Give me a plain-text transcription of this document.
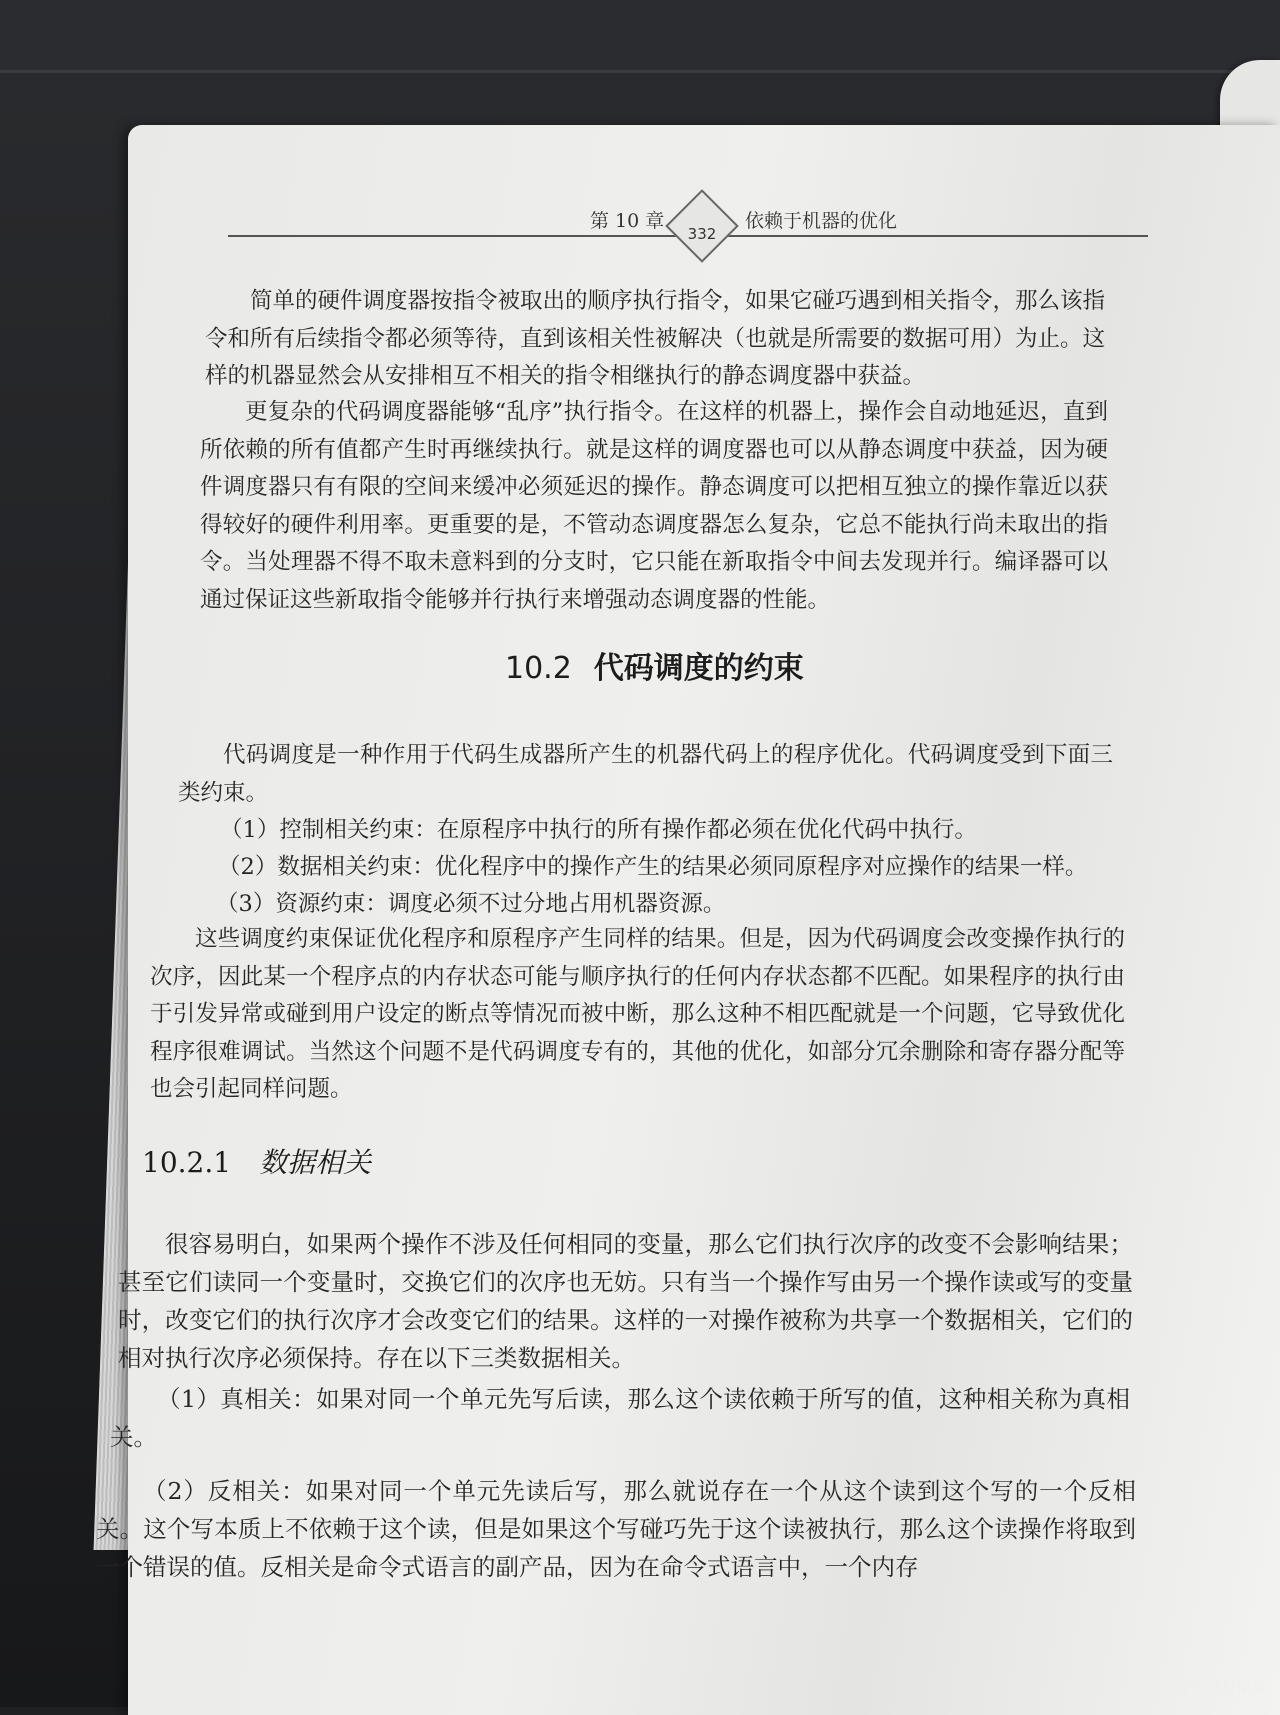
第 10 章
332
依赖于机器的优化
简单的硬件调度器按指令被取出的顺序执行指令，如果它碰巧遇到相关指令，那么该指令和所有后续指令都必须等待，直到该相关性被解决（也就是所需要的数据可用）为止。这样的机器显然会从安排相互不相关的指令相继执行的静态调度器中获益。
更复杂的代码调度器能够“乱序”执行指令。在这样的机器上，操作会自动地延迟，直到所依赖的所有值都产生时再继续执行。就是这样的调度器也可以从静态调度中获益，因为硬件调度器只有有限的空间来缓冲必须延迟的操作。静态调度可以把相互独立的操作靠近以获得较好的硬件利用率。更重要的是，不管动态调度器怎么复杂，它总不能执行尚未取出的指令。当处理器不得不取未意料到的分支时，它只能在新取指令中间去发现并行。编译器可以通过保证这些新取指令能够并行执行来增强动态调度器的性能。
10.2 代码调度的约束
代码调度是一种作用于代码生成器所产生的机器代码上的程序优化。代码调度受到下面三类约束。
（1）控制相关约束：在原程序中执行的所有操作都必须在优化代码中执行。
（2）数据相关约束：优化程序中的操作产生的结果必须同原程序对应操作的结果一样。
（3）资源约束：调度必须不过分地占用机器资源。
这些调度约束保证优化程序和原程序产生同样的结果。但是，因为代码调度会改变操作执行的次序，因此某一个程序点的内存状态可能与顺序执行的任何内存状态都不匹配。如果程序的执行由于引发异常或碰到用户设定的断点等情况而被中断，那么这种不相匹配就是一个问题，它导致优化程序很难调试。当然这个问题不是代码调度专有的，其他的优化，如部分冗余删除和寄存器分配等也会引起同样问题。
10.2.1 数据相关
很容易明白，如果两个操作不涉及任何相同的变量，那么它们执行次序的改变不会影响结果；甚至它们读同一个变量时，交换它们的次序也无妨。只有当一个操作写由另一个操作读或写的变量时，改变它们的执行次序才会改变它们的结果。这样的一对操作被称为共享一个数据相关，它们的相对执行次序必须保持。存在以下三类数据相关。
（1）真相关：如果对同一个单元先写后读，那么这个读依赖于所写的值，这种相关称为真相关。
（2）反相关：如果对同一个单元先读后写，那么就说存在一个从这个读到这个写的一个反相关。这个写本质上不依赖于这个读，但是如果这个写碰巧先于这个读被执行，那么这个读操作将取到一个错误的值。反相关是命令式语言的副产品，因为在命令式语言中，一个内存
CSDN @夏驰和徐策
